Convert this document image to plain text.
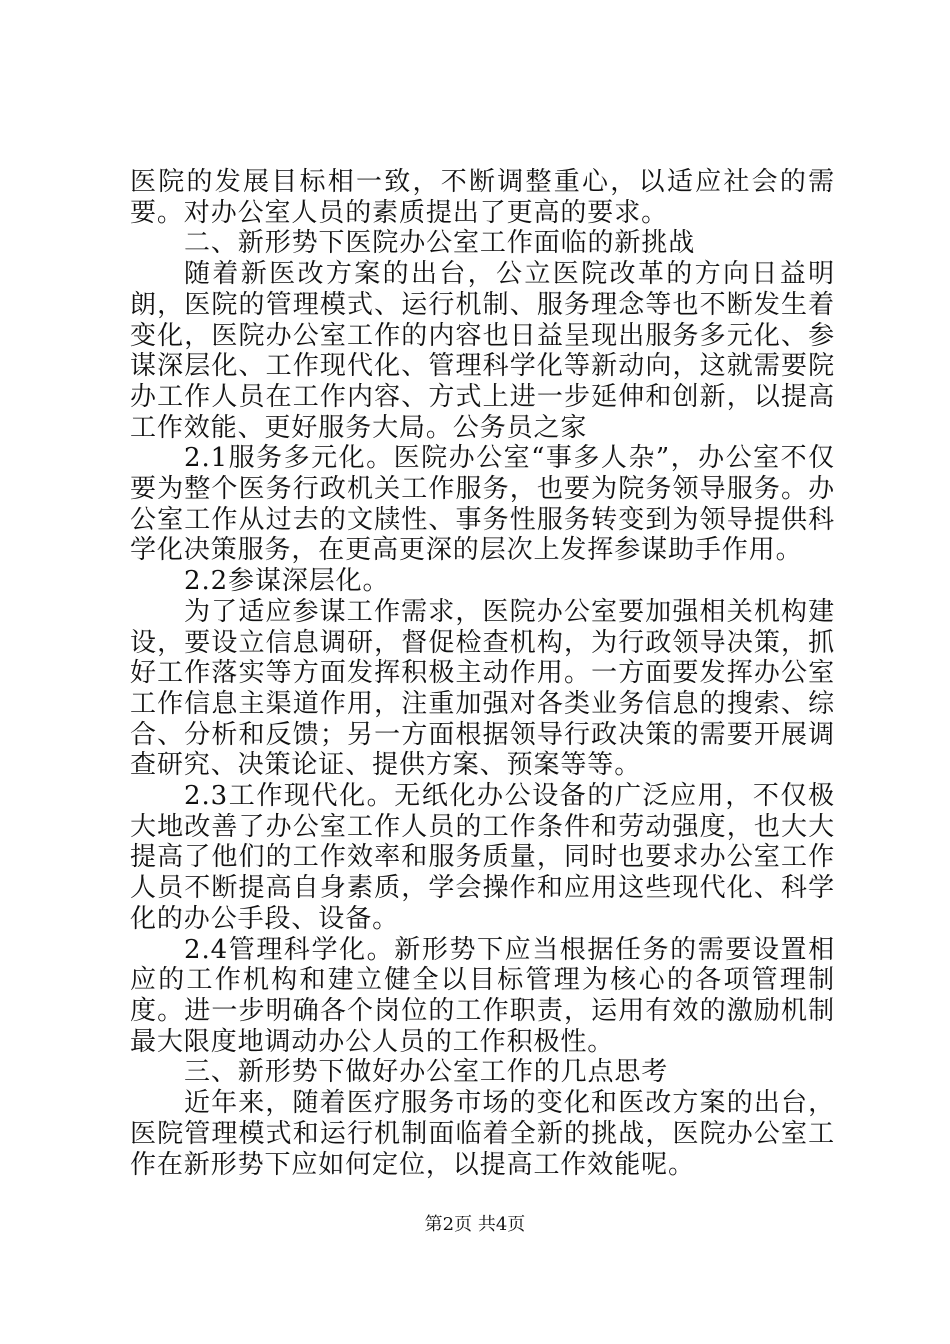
医院的发展目标相一致，不断调整重心，以适应社会的需要。对办公室人员的素质提出了更高的要求。

二、新形势下医院办公室工作面临的新挑战

随着新医改方案的出台，公立医院改革的方向日益明朗，医院的管理模式、运行机制、服务理念等也不断发生着变化，医院办公室工作的内容也日益呈现出服务多元化、参谋深层化、工作现代化、管理科学化等新动向，这就需要院办工作人员在工作内容、方式上进一步延伸和创新，以提高工作效能、更好服务大局。公务员之家

2.1服务多元化。医院办公室“事多人杂”，办公室不仅要为整个医务行政机关工作服务，也要为院务领导服务。办公室工作从过去的文牍性、事务性服务转变到为领导提供科学化决策服务，在更高更深的层次上发挥参谋助手作用。

2.2参谋深层化。

为了适应参谋工作需求，医院办公室要加强相关机构建设，要设立信息调研，督促检查机构，为行政领导决策，抓好工作落实等方面发挥积极主动作用。一方面要发挥办公室工作信息主渠道作用，注重加强对各类业务信息的搜索、综合、分析和反馈；另一方面根据领导行政决策的需要开展调查研究、决策论证、提供方案、预案等等。

2.3工作现代化。无纸化办公设备的广泛应用，不仅极大地改善了办公室工作人员的工作条件和劳动强度，也大大提高了他们的工作效率和服务质量，同时也要求办公室工作人员不断提高自身素质，学会操作和应用这些现代化、科学化的办公手段、设备。

2.4管理科学化。新形势下应当根据任务的需要设置相应的工作机构和建立健全以目标管理为核心的各项管理制度。进一步明确各个岗位的工作职责，运用有效的激励机制最大限度地调动办公人员的工作积极性。

三、新形势下做好办公室工作的几点思考

近年来，随着医疗服务市场的变化和医改方案的出台，医院管理模式和运行机制面临着全新的挑战，医院办公室工作在新形势下应如何定位，以提高工作效能呢。

第2页 共4页
